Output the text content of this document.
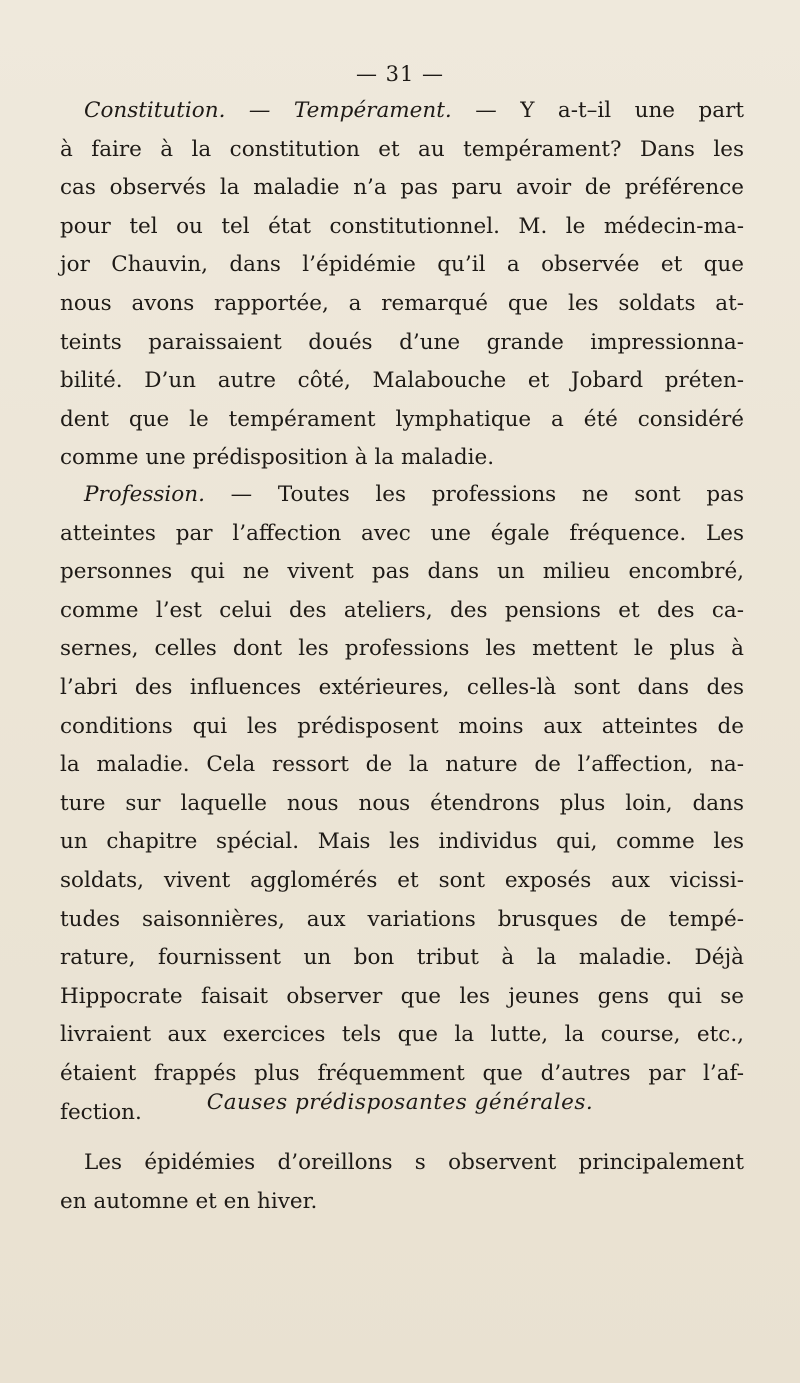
— 31 —
Constitution. — Tempérament. — Y a-t–il une part
à faire à la constitution et au tempérament? Dans les
cas observés la maladie n’a pas paru avoir de préférence
pour tel ou tel état constitutionnel. M. le médecin-ma-
jor Chauvin, dans l’épidémie qu’il a observée et que
nous avons rapportée, a remarqué que les soldats at-
teints paraissaient doués d’une grande impressionna-
bilité. D’un autre côté, Malabouche et Jobard préten-
dent que le tempérament lymphatique a été considéré
comme une prédisposition à la maladie.
Profession. — Toutes les professions ne sont pas
atteintes par l’affection avec une égale fréquence. Les
personnes qui ne vivent pas dans un milieu encombré,
comme l’est celui des ateliers, des pensions et des ca-
sernes, celles dont les professions les mettent le plus à
l’abri des influences extérieures, celles-là sont dans des
conditions qui les prédisposent moins aux atteintes de
la maladie. Cela ressort de la nature de l’affection, na-
ture sur laquelle nous nous étendrons plus loin, dans
un chapitre spécial. Mais les individus qui, comme les
soldats, vivent agglomérés et sont exposés aux vicissi-
tudes saisonnières, aux variations brusques de tempé-
rature, fournissent un bon tribut à la maladie. Déjà
Hippocrate faisait observer que les jeunes gens qui se
livraient aux exercices tels que la lutte, la course, etc.,
étaient frappés plus fréquemment que d’autres par l’af-
fection.	Causes prédisposantes générales.
Les épidémies d’oreillons s observent principalement
en automne et en hiver.
